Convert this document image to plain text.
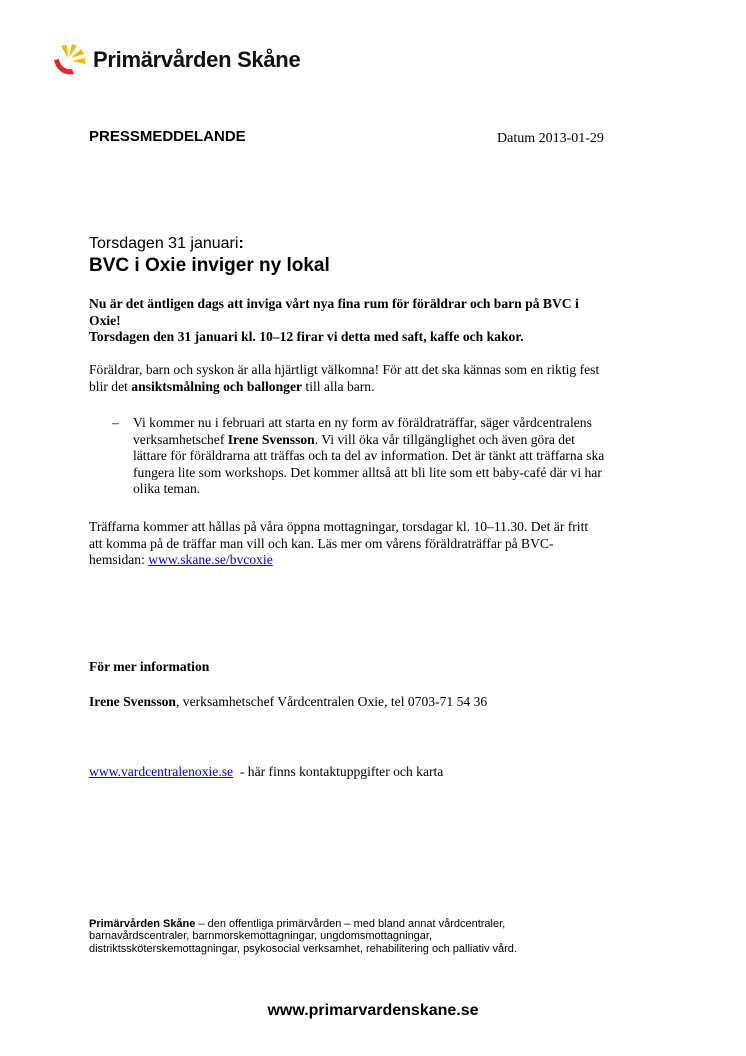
Primärvården Skåne
PRESSMEDDELANDE	Datum 2013-01-29
Torsdagen 31 januari:
BVC i Oxie inviger ny lokal

Nu är det äntligen dags att inviga vårt nya fina rum för föräldrar och barn på BVC i

Oxie!

Torsdagen den 31 januari kl. 10–12 firar vi detta med saft, kaffe och kakor.

Föräldrar, barn och syskon är alla hjärtligt välkomna! För att det ska kännas som en riktig fest

blir det ansiktsmålning och ballonger till alla barn.

– Vi kommer nu i februari att starta en ny form av föräldraträffar, säger vårdcentralens

verksamhetschef Irene Svensson. Vi vill öka vår tillgänglighet och även göra det

lättare för föräldrarna att träffas och ta del av information. Det är tänkt att träffarna ska

fungera lite som workshops. Det kommer alltså att bli lite som ett baby-café där vi har

olika teman.

Träffarna kommer att hållas på våra öppna mottagningar, torsdagar kl. 10–11.30. Det är fritt

att komma på de träffar man vill och kan. Läs mer om vårens föräldraträffar på BVC-

hemsidan: www.skane.se/bvcoxie

För mer information
Irene Svensson, verksamhetschef Vårdcentralen Oxie, tel 0703-71 54 36
www.vardcentralenoxie.se  - här finns kontaktuppgifter och karta

Primärvården Skåne – den offentliga primärvården – med bland annat vårdcentraler,

barnavårdscentraler, barnmorskemottagningar, ungdomsmottagningar,

distriktssköterskemottagningar, psykosocial verksamhet, rehabilitering och palliativ vård.

www.primarvardenskane.se
